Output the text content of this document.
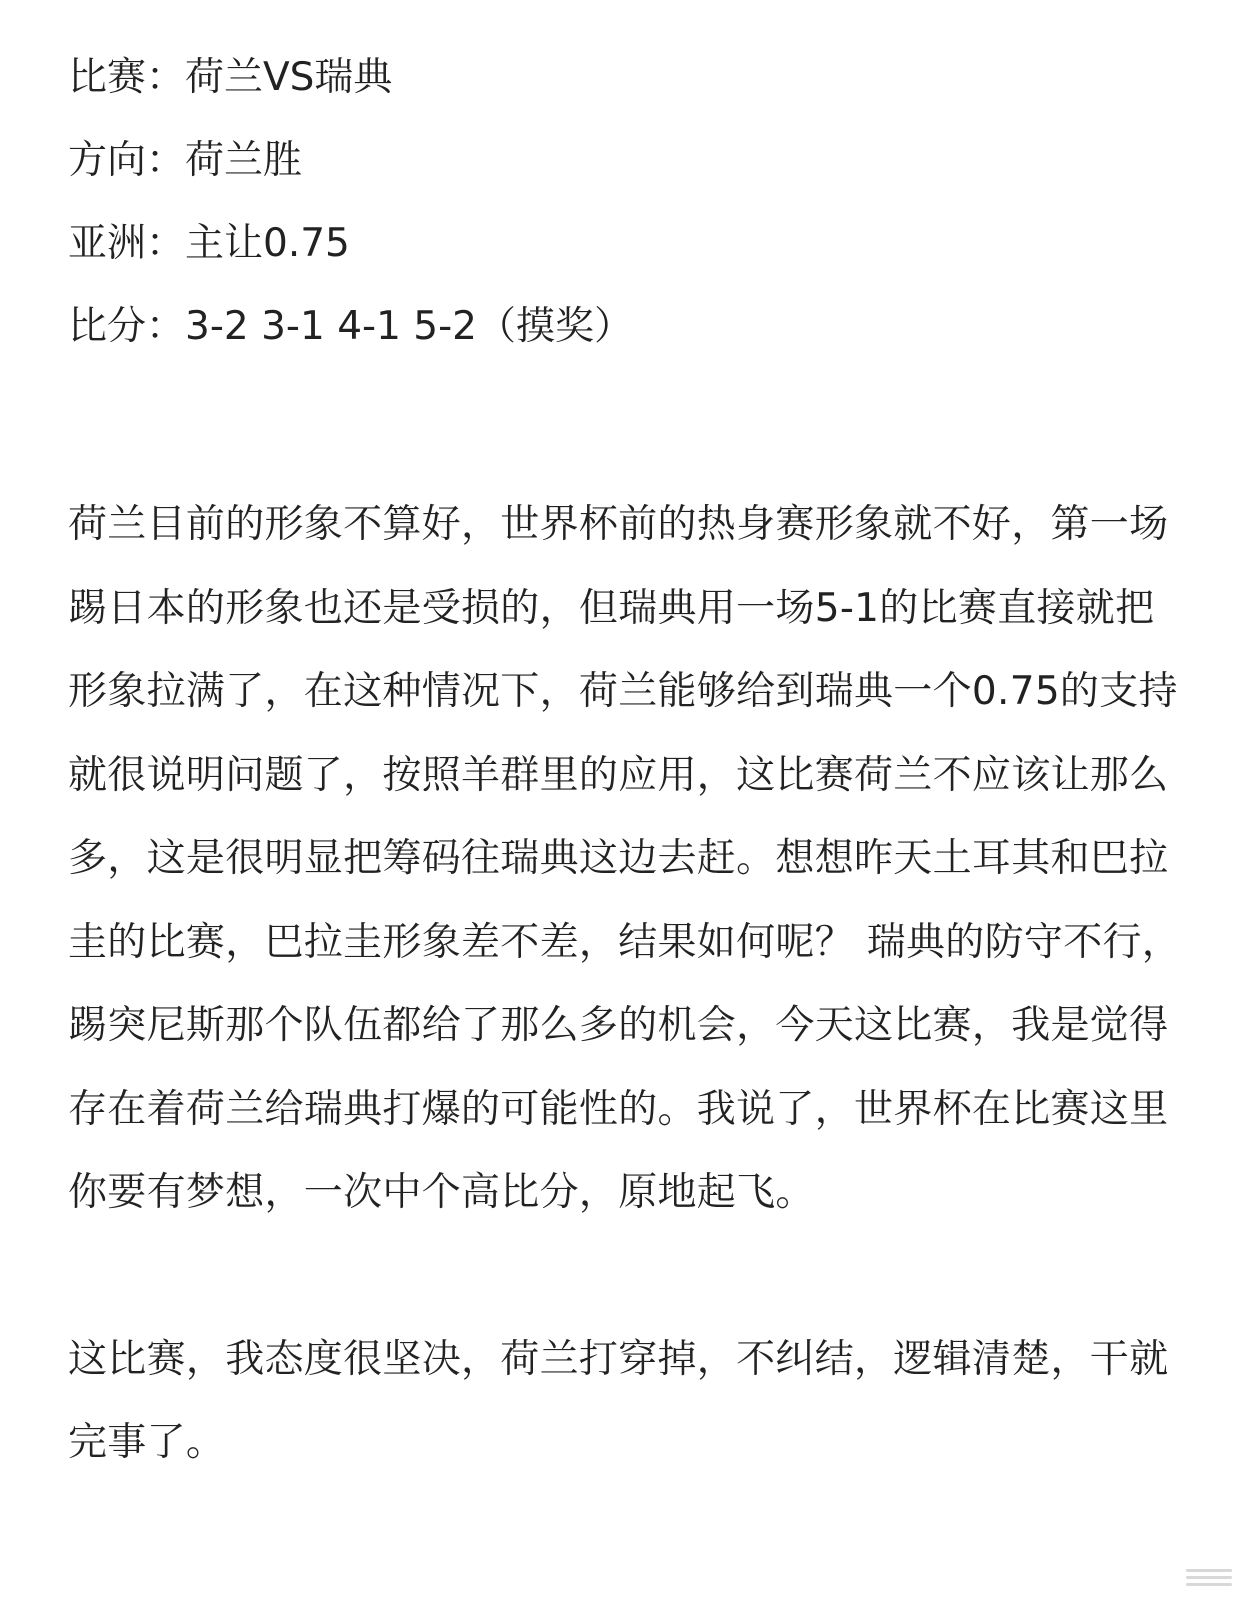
比赛：荷兰VS瑞典
方向：荷兰胜
亚洲：主让0.75
比分：3-2 3-1 4-1 5-2（摸奖）

荷兰目前的形象不算好，世界杯前的热身赛形象就不好，第一场踢日本的形象也还是受损的，但瑞典用一场5-1的比赛直接就把形象拉满了，在这种情况下，荷兰能够给到瑞典一个0.75的支持就很说明问题了，按照羊群里的应用，这比赛荷兰不应该让那么多，这是很明显把筹码往瑞典这边去赶。想想昨天土耳其和巴拉圭的比赛，巴拉圭形象差不差，结果如何呢？ 瑞典的防守不行，踢突尼斯那个队伍都给了那么多的机会，今天这比赛，我是觉得存在着荷兰给瑞典打爆的可能性的。我说了，世界杯在比赛这里你要有梦想，一次中个高比分，原地起飞。

这比赛，我态度很坚决，荷兰打穿掉，不纠结，逻辑清楚，干就完事了。
